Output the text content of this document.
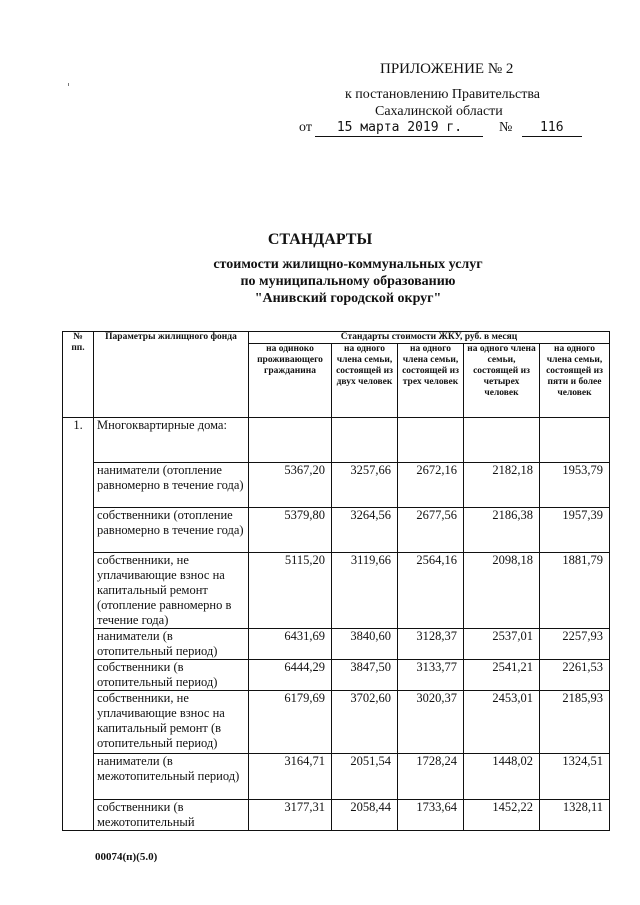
ПРИЛОЖЕНИЕ № 2
к постановлению Правительства
Сахалинской области
от 15 марта 2019 г.	№ 116
СТАНДАРТЫ
стоимости жилищно-коммунальных услуг
по муниципальному образованию
"Анивский городской округ"
№ пп.	Параметры жилищного фонда	Стандарты стоимости ЖКУ, руб. в месяц				
		на одиноко проживающего гражданина	на одного члена семьи, состоящей из двух человек	на одного члена семьи, состоящей из трех человек	на одного члена семьи, состоящей из четырех человек	на одного члена семьи, состоящей из пяти и более человек
1.	Многоквартирные дома:					
	наниматели (отопление равномерно в течение года)	5367,20	3257,66	2672,16	2182,18	1953,79
	собственники (отопление равномерно в течение года)	5379,80	3264,56	2677,56	2186,38	1957,39
	собственники, не уплачивающие взнос на капитальный ремонт (отопление равномерно в течение года)	5115,20	3119,66	2564,16	2098,18	1881,79
	наниматели (в отопительный период)	6431,69	3840,60	3128,37	2537,01	2257,93
	собственники (в отопительный период)	6444,29	3847,50	3133,77	2541,21	2261,53
	собственники, не уплачивающие взнос на капитальный ремонт (в отопительный период)	6179,69	3702,60	3020,37	2453,01	2185,93
	наниматели (в межотопительный период)	3164,71	2051,54	1728,24	1448,02	1324,51
	собственники (в межотопительный	3177,31	2058,44	1733,64	1452,22	1328,11
00074(п)(5.0)
